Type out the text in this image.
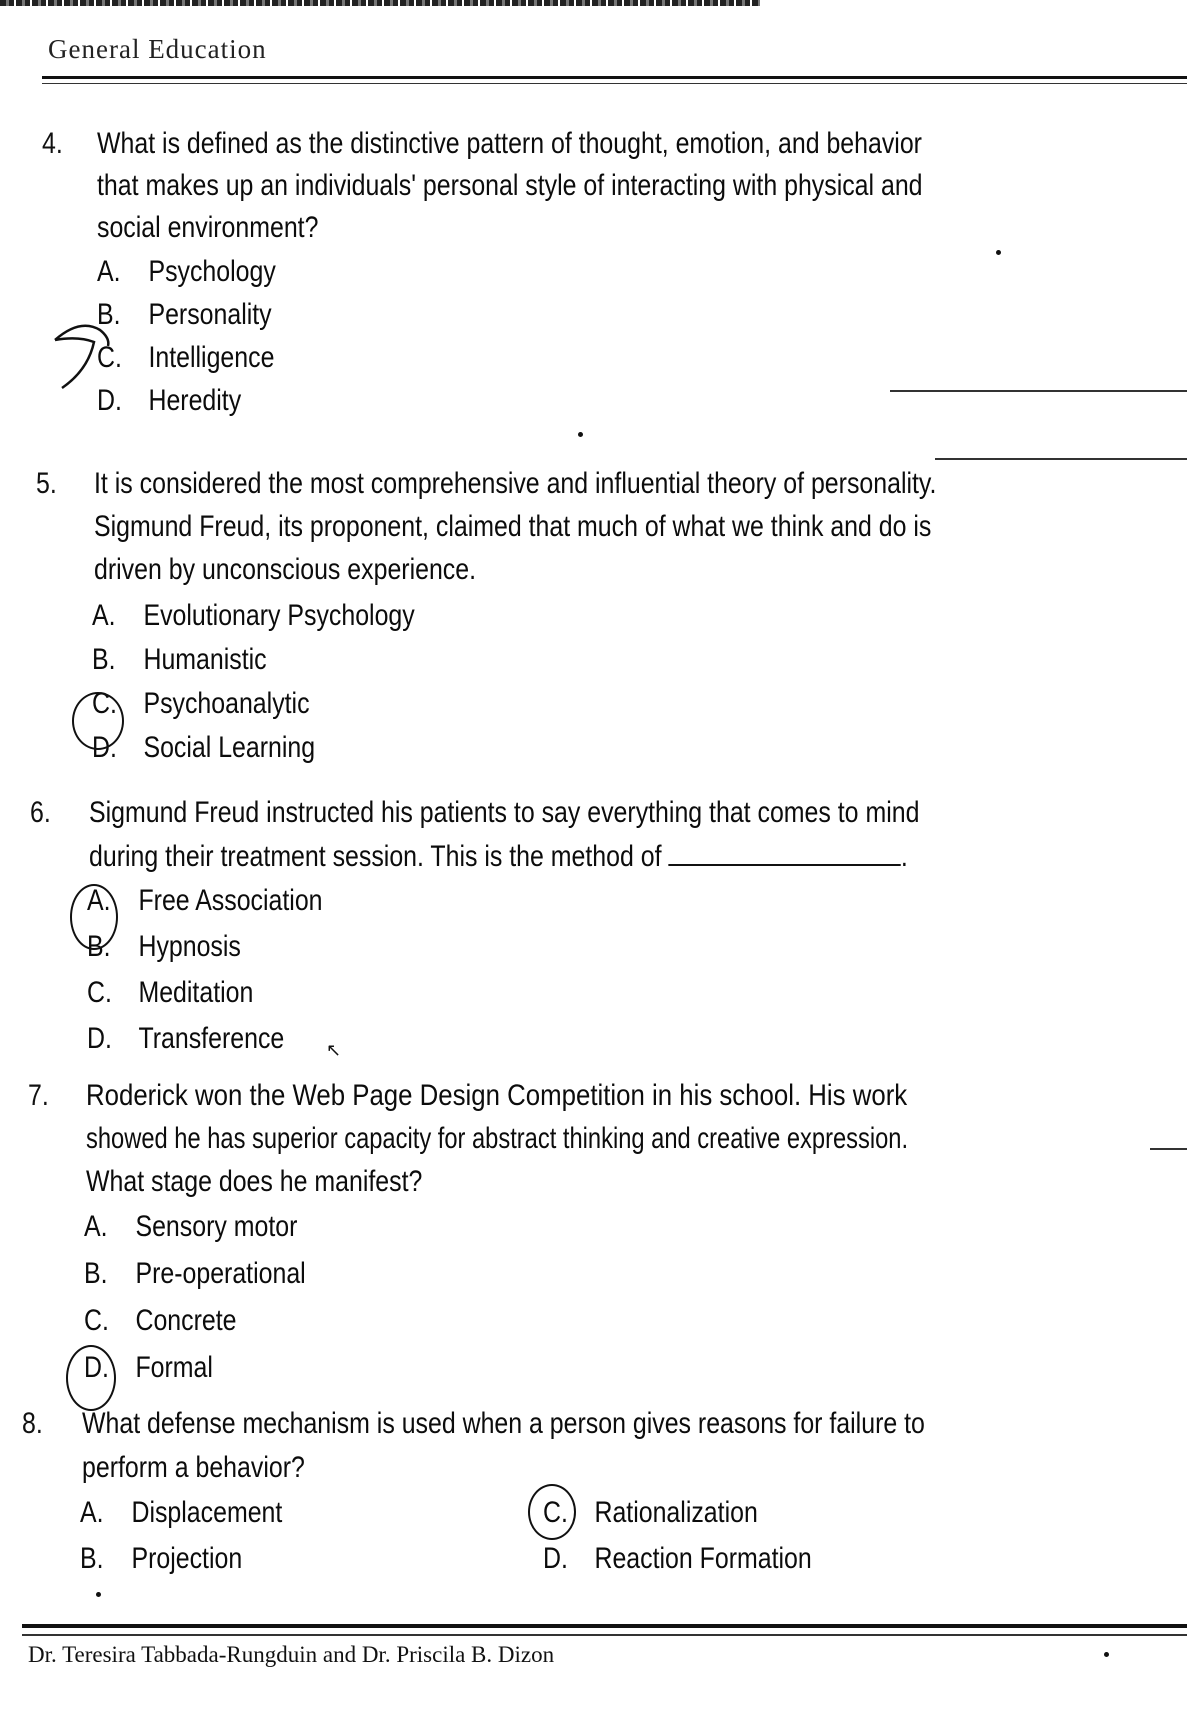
General Education
4. What is defined as the distinctive pattern of thought, emotion, and behavior
that makes up an individuals' personal style of interacting with physical and
social environment?
A. Psychology
B. Personality
C. Intelligence
D. Heredity
5. It is considered the most comprehensive and influential theory of personality.
Sigmund Freud, its proponent, claimed that much of what we think and do is
driven by unconscious experience.
A. Evolutionary Psychology
B. Humanistic
C. Psychoanalytic
D. Social Learning
6. Sigmund Freud instructed his patients to say everything that comes to mind
during their treatment session. This is the method of	.
A. Free Association
B. Hypnosis
C. Meditation
D. Transference ↖
7. Roderick won the Web Page Design Competition in his school. His work
showed he has superior capacity for abstract thinking and creative expression.
What stage does he manifest?
A. Sensory motor
B. Pre-operational
C. Concrete
D. Formal
8. What defense mechanism is used when a person gives reasons for failure to
perform a behavior?
A. Displacement
B. Projection
C. Rationalization
D. Reaction Formation
Dr. Teresira Tabbada-Rungduin and Dr. Priscila B. Dizon
